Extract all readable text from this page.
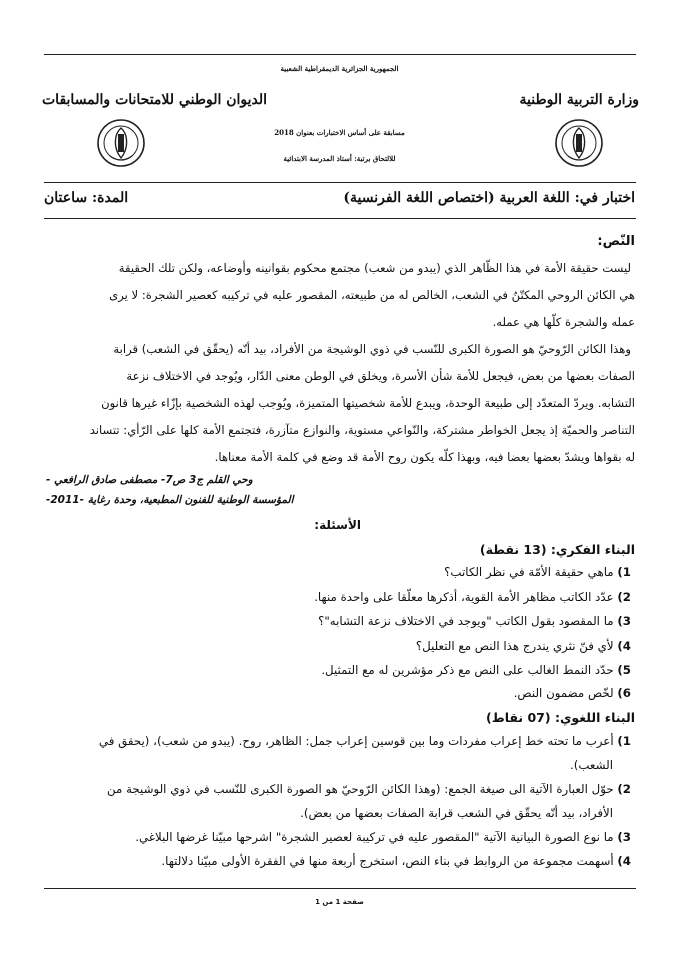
الجمهورية الجزائرية الديمقراطية الشعبية
وزارة التربية الوطنية
الديوان الوطني للامتحانات والمسابقات
مسابقة على أساس الاختبارات بعنوان 2018
للالتحاق برتبة: أستاذ المدرسة الابتدائية
اختبار في: اللغة العربية (اختصاص اللغة الفرنسية)
المدة: ساعتان
النّص:
ليست حقيقة الأمة في هذا الظّاهر الذي (يبدو من شعب) مجتمع محكوم بقوانينه وأوضاعه، ولكن تلك الحقيقة
هي الكائن الروحي المكتّنُ في الشعب، الخالص له من طبيعته، المقصور عليه في تركيبه كعصير الشجرة: لا يرى
عمله والشجرة كلّها هي عمله.
وهذا الكائن الرّوحيّ هو الصورة الكبرى للنّسب في ذوي الوشيجة من الأفراد، بيد أنّه (يحقّق في الشعب) قرابة
الصفات بعضها من بعض، فيجعل للأمة شأن الأسرة، ويخلق في الوطن معنى الدّار، ويُوجد في الاختلاف نزعة
التشابه. ويردّ المتعدّد إلى طبيعة الوحدة، ويبدع للأمة شخصيتها المتميزة، ويُوجب لهذه الشخصية بإزّاء غيرها قانون
التناصر والحميّة إذ يجعل الخواطر مشتركة، والنّواعي مستوية، والنوازع متآزرة، فتجتمع الأمة كلها على الرّأي: تتساند
له بقواها ويشدّ بعضها بعضا فيه، وبهذا كلّه يكون روح الأمة قد وضع في كلمة الأمة معناها.
وحي القلم ج3 ص7- مصطفى صادق الرافعي -
المؤسسة الوطنية للفنون المطبعية، وحدة رغاية -2011-
الأسئلة:
البناء الفكري: (13 نقطة)
1) ماهي حقيقة الأمّة في نظر الكاتب؟
2) عدّد الكاتب مظاهر الأمة القوية، أذكرها معلّقا على واحدة منها.
3) ما المقصود بقول الكاتب "ويوجد في الاختلاف نزعة التشابه"؟
4) لأي فنّ نثري يندرج هذا النص مع التعليل؟
5) حدّد النمط الغالب على النص مع ذكر مؤشرين له مع التمثيل.
6) لخّص مضمون النص.
البناء اللغوي: (07 نقاط)
1) أعرب ما تحته خط إعراب مفردات وما بين قوسين إعراب جمل: الظاهر، روح. (يبدو من شعب)، (يحقق في
الشعب).
2) حوّل العبارة الآتية الى صيغة الجمع: (وهذا الكائن الرّوحيّ هو الصورة الكبرى للنّسب في ذوي الوشيجة من
الأفراد، بيد أنّه يحقّق في الشعب قرابة الصفات بعضها من بعض).
3) ما نوع الصورة البيانية الآتية "المقصور عليه في تركيبة لعصير الشجرة" اشرحها مبيّنا غرضها البلاغي.
4) أسهمت مجموعة من الروابط في بناء النص، استخرج أربعة منها في الفقرة الأولى مبيّنا دلالتها.
صفحة 1 من 1
